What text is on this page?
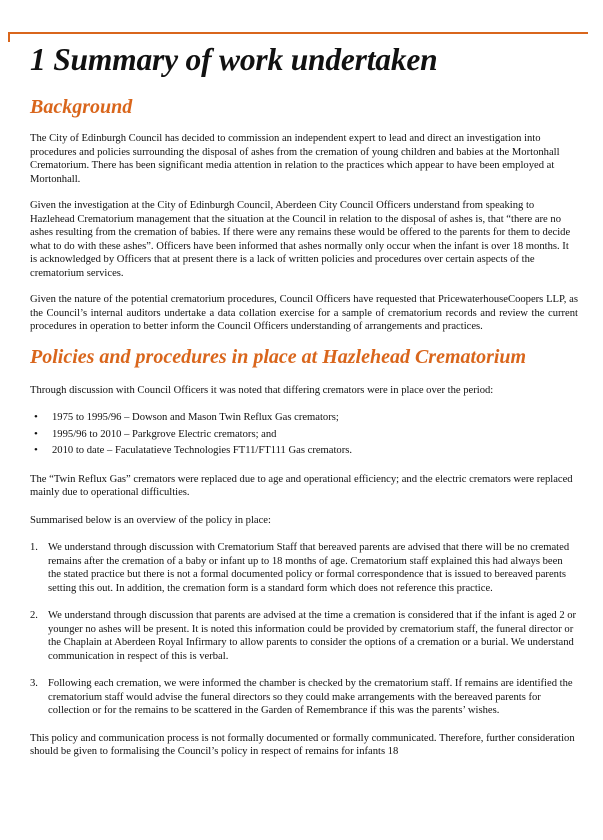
1 Summary of work undertaken
Background

The City of Edinburgh Council has decided to commission an independent expert to lead and direct an investigation into procedures and policies surrounding the disposal of ashes from the cremation of young children and babies at the Mortonhall Crematorium. There has been significant media attention in relation to the practices which appear to have been employed at Mortonhall.

Given the investigation at the City of Edinburgh Council, Aberdeen City Council Officers understand from speaking to Hazlehead Crematorium management that the situation at the Council in relation to the disposal of ashes is, that “there are no ashes resulting from the cremation of babies. If there were any remains these would be offered to the parents for them to decide what to do with these ashes”. Officers have been informed that ashes normally only occur when the infant is over 18 months. It is acknowledged by Officers that at present there is a lack of written policies and procedures over certain aspects of the crematorium services.

Given the nature of the potential crematorium procedures, Council Officers have requested that PricewaterhouseCoopers LLP, as the Council’s internal auditors undertake a data collation exercise for a sample of crematorium records and review the current procedures in operation to better inform the Council Officers understanding of arrangements and practices.

Policies and procedures in place at Hazlehead Crematorium

Through discussion with Council Officers it was noted that differing cremators were in place over the period:

• 1975 to 1995/96 – Dowson and Mason Twin Reflux Gas cremators;
• 1995/96 to 2010 – Parkgrove Electric cremators; and
• 2010 to date – Faculatatieve Technologies FT11/FT111 Gas cremators.

The “Twin Reflux Gas” cremators were replaced due to age and operational efficiency; and the electric cremators were replaced mainly due to operational difficulties.

Summarised below is an overview of the policy in place:

1. We understand through discussion with Crematorium Staff that bereaved parents are advised that there will be no cremated remains after the cremation of a baby or infant up to 18 months of age. Crematorium staff explained this had always been the stated practice but there is not a formal documented policy or formal correspondence that is issued to bereaved parents setting this out. In addition, the cremation form is a standard form which does not reference this practice.
2. We understand through discussion that parents are advised at the time a cremation is considered that if the infant is aged 2 or younger no ashes will be present. It is noted this information could be provided by crematorium staff, the funeral director or the Chaplain at Aberdeen Royal Infirmary to allow parents to consider the options of a cremation or a burial. We understand communication in respect of this is verbal.
3. Following each cremation, we were informed the chamber is checked by the crematorium staff. If remains are identified the crematorium staff would advise the funeral directors so they could make arrangements with the bereaved parents for collection or for the remains to be scattered in the Garden of Remembrance if this was the parents’ wishes.

This policy and communication process is not formally documented or formally communicated. Therefore, further consideration should be given to formalising the Council’s policy in respect of remains for infants 18
